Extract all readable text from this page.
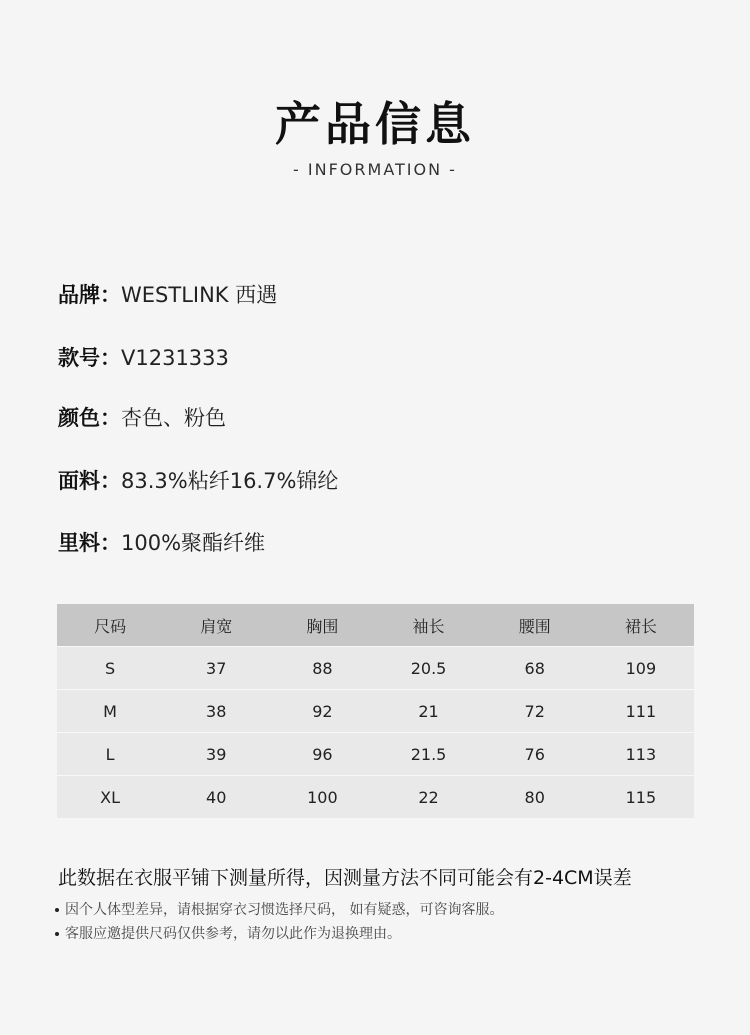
产品信息
- INFORMATION -
品牌：WESTLINK 西遇
款号：V1231333
颜色：杏色、粉色
面料：83.3%粘纤16.7%锦纶
里料：100%聚酯纤维
尺码	肩宽	胸围	袖长	腰围	裙长
S	37	88	20.5	68	109
M	38	92	21	72	111
L	39	96	21.5	76	113
XL	40	100	22	80	115
此数据在衣服平铺下测量所得，因测量方法不同可能会有2-4CM误差
因个人体型差异，请根据穿衣习惯选择尺码， 如有疑惑，可咨询客服。
客服应邀提供尺码仅供参考，请勿以此作为退换理由。
